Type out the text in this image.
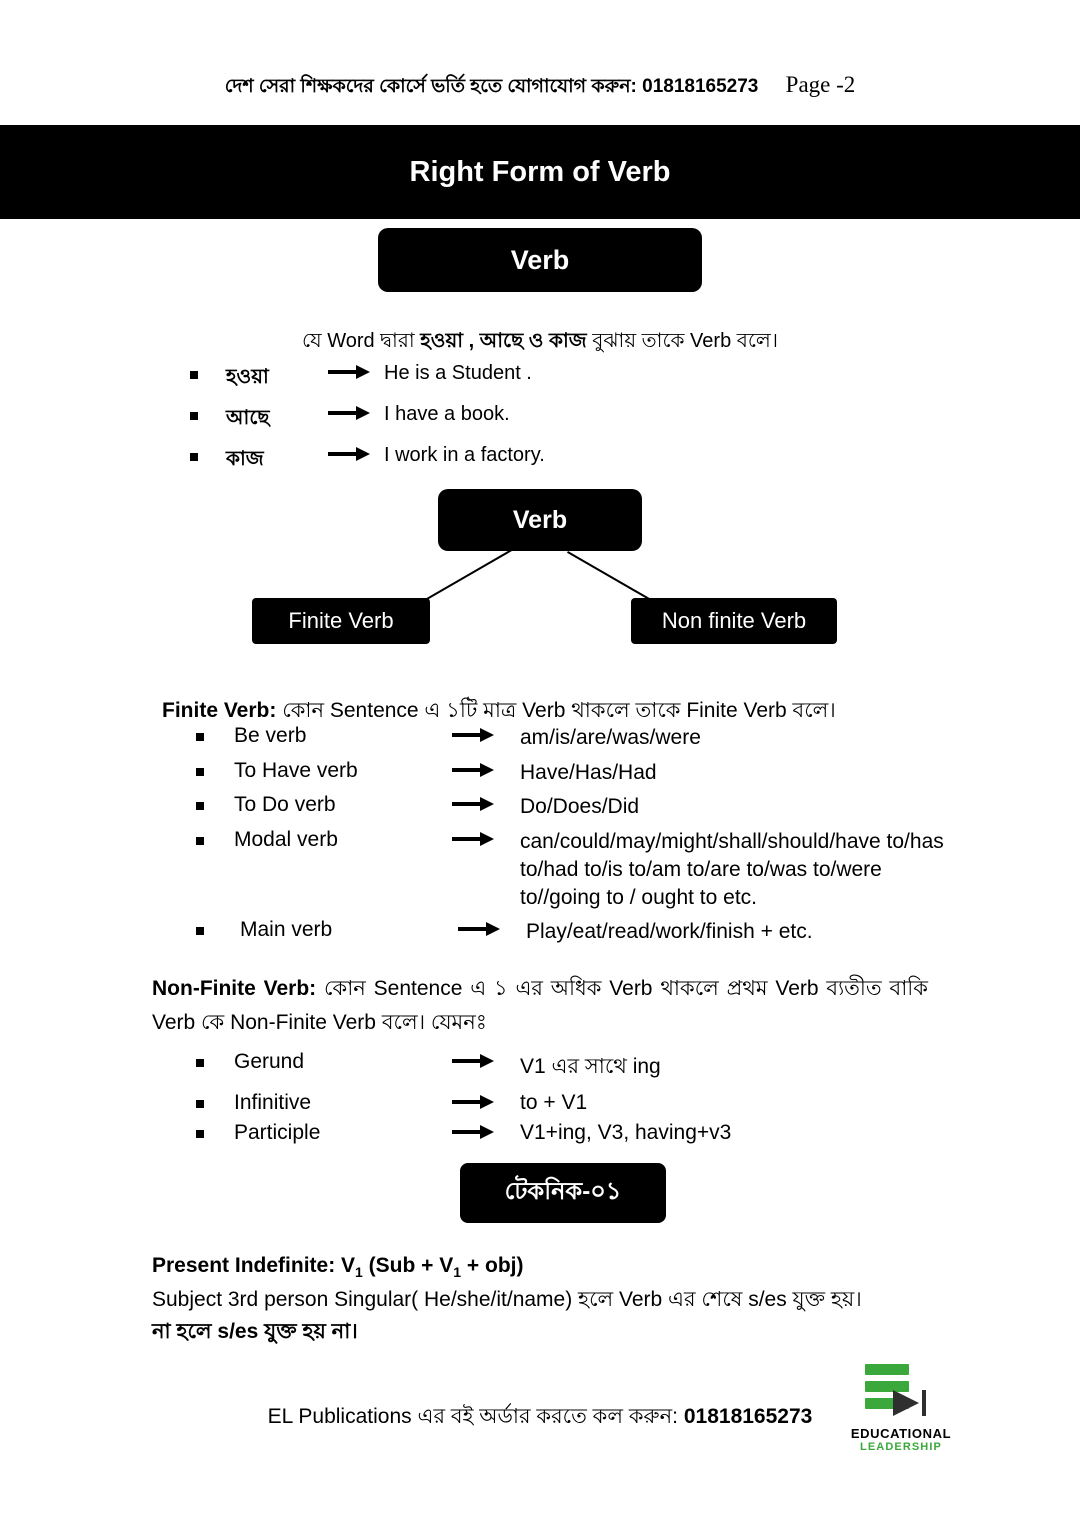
দেশ সেরা শিক্ষকদের কোর্সে ভর্তি হতে যোগাযোগ করুন: 01818165273 Page -2
Right Form of Verb
Verb
যে Word দ্বারা হওয়া , আছে ও কাজ বুঝায় তাকে Verb বলে।
হওয়া	He is a Student .
আছে	I have a book.
কাজ	I work in a factory.
Verb
Finite Verb	Non finite Verb
Finite Verb: কোন Sentence এ ১টি মাত্র Verb থাকলে তাকে Finite Verb বলে।
Be verb	am/is/are/was/were
To Have verb	Have/Has/Had
To Do verb	Do/Does/Did
Modal verb	can/could/may/might/shall/should/have to/has to/had to/is to/am to/are to/was to/were to//going to / ought to etc.
Main verb	Play/eat/read/work/finish + etc.
Non-Finite Verb: কোন Sentence এ ১ এর অধিক Verb থাকলে প্রথম Verb ব্যতীত বাকি Verb কে Non-Finite Verb বলে। যেমনঃ
Gerund	V1 এর সাথে ing
Infinitive	to + V1
Participle	V1+ing, V3, having+v3
টেকনিক-০১
Present Indefinite: $V_1$ $(Sub + V_1 + obj)$
Subject 3rd person Singular( He/she/it/name) হলে Verb এর শেষে s/es যুক্ত হয়।
না হলে s/es যুক্ত হয় না।
EL Publications এর বই অর্ডার করতে কল করুন: 01818165273
EDUCATIONAL
LEADERSHIP
